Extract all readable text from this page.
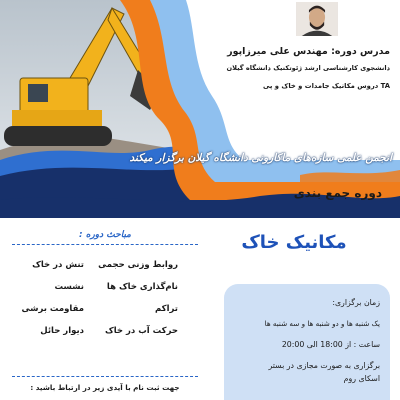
مدرس دوره: مهندس علی میرزاپور
دانشجوی کارشناسی ارشد ژئوتکنیک دانشگاه گیلان
TA دروس مکانیک جامدات و خاک و پی
انجمن علمی سازه‌های ماکارونی دانشگاه گیلان برگزار میکند
دوره جمع بندی
مباحث دوره :
روابط وزنی حجمی
نام‌گذاری خاک ها
تراکم
حرکت آب در خاک
تنش در خاک
نشست
مقاومت برشی
دیوار حائل
جهت ثبت نام با آیدی زیر در ارتباط باشید :
مکانیک خاک
زمان برگزاری:
یک شنبه ها و دو شنبه ها و سه شنبه ها
ساعت : از 18:00 الی 20:00
برگزاری به صورت مجازی در بستر
اسکای روم
